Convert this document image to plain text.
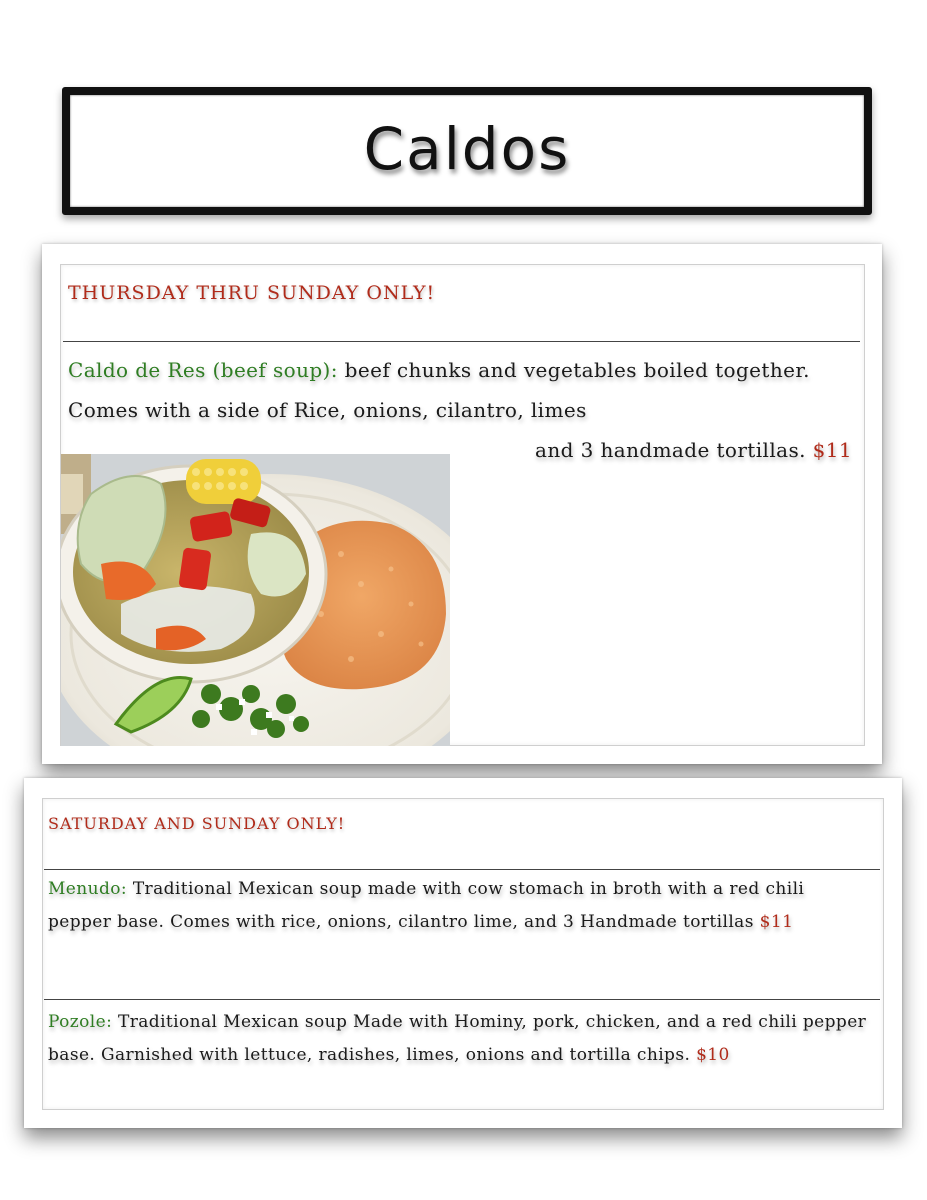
Caldos
THURSDAY THRU SUNDAY ONLY!
Caldo de Res (beef soup): beef chunks and vegetables boiled together. Comes with a side of Rice, onions, cilantro, limes
and 3 handmade tortillas. $11
SATURDAY AND SUNDAY ONLY!
Menudo: Traditional Mexican soup made with cow stomach in broth with a red chili pepper base. Comes with rice, onions, cilantro lime, and 3 Handmade tortillas $11
Pozole: Traditional Mexican soup Made with Hominy, pork, chicken, and a red chili pepper base. Garnished with lettuce, radishes, limes, onions and tortilla chips. $10
